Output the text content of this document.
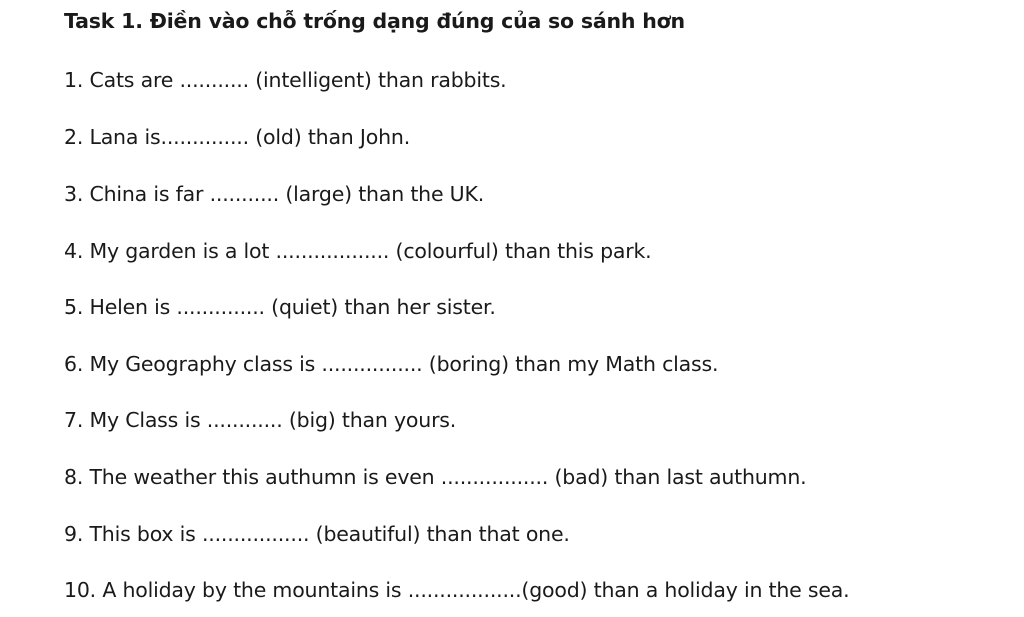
Task 1. Điền vào chỗ trống dạng đúng của so sánh hơn
1. Cats are ........... (intelligent) than rabbits.
2. Lana is.............. (old) than John.
3. China is far ........... (large) than the UK.
4. My garden is a lot .................. (colourful) than this park.
5. Helen is .............. (quiet) than her sister.
6. My Geography class is ................ (boring) than my Math class.
7. My Class is ............ (big) than yours.
8. The weather this authumn is even ................. (bad) than last authumn.
9. This box is ................. (beautiful) than that one.
10. A holiday by the mountains is ..................(good) than a holiday in the sea.
